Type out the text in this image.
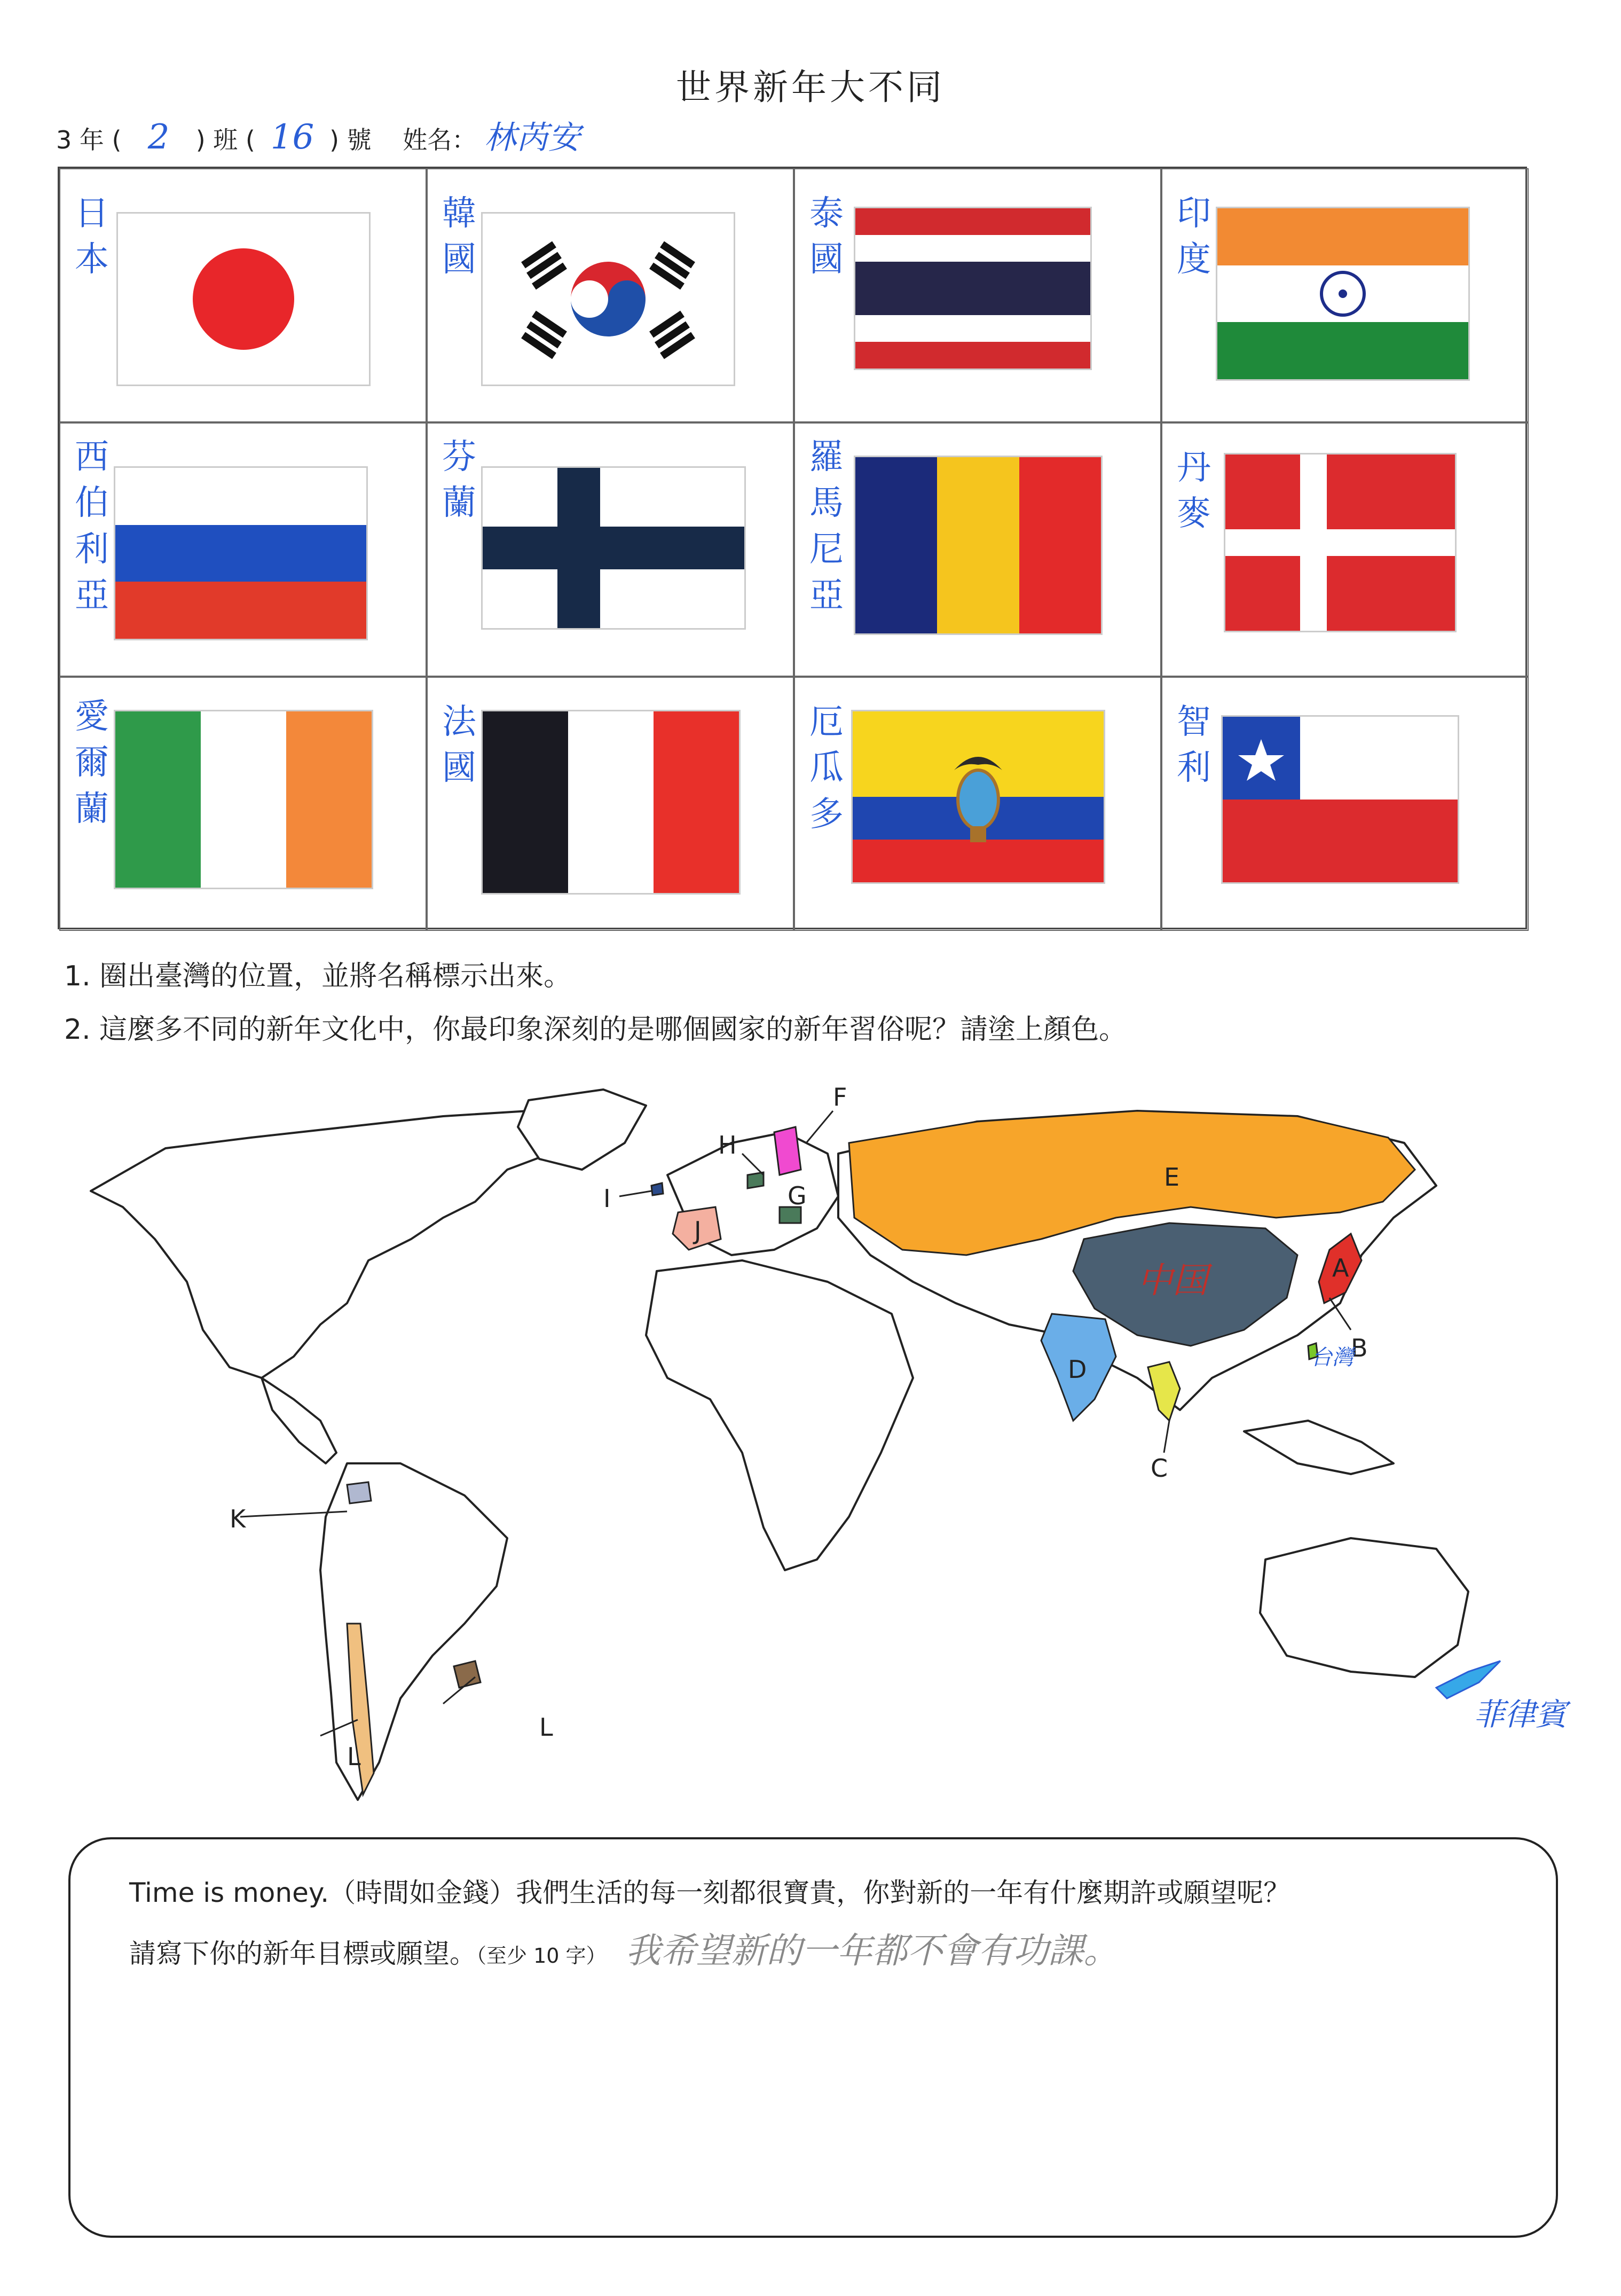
世界新年大不同
3 年 ( 2 ) 班 ( 16 ) 號 姓名： 林芮安
日
本
韓
國
泰
國
印
度
西
伯
利
亞
芬
蘭
羅
馬
尼
亞
丹
麥
愛
爾
蘭
法
國
厄
瓜
多
智
利
1. 圈出臺灣的位置，並將名稱標示出來。
2. 這麼多不同的新年文化中，你最印象深刻的是哪個國家的新年習俗呢？請塗上顏色。
A
B
C
D
E
F
G
H
I
J
K
L
L
中国
台灣
菲律賓
Time is money.（時間如金錢）我們生活的每一刻都很寶貴，你對新的一年有什麼期許或願望呢？
請寫下你的新年目標或願望。（至少 10 字） 我希望新的一年都不會有功課。
